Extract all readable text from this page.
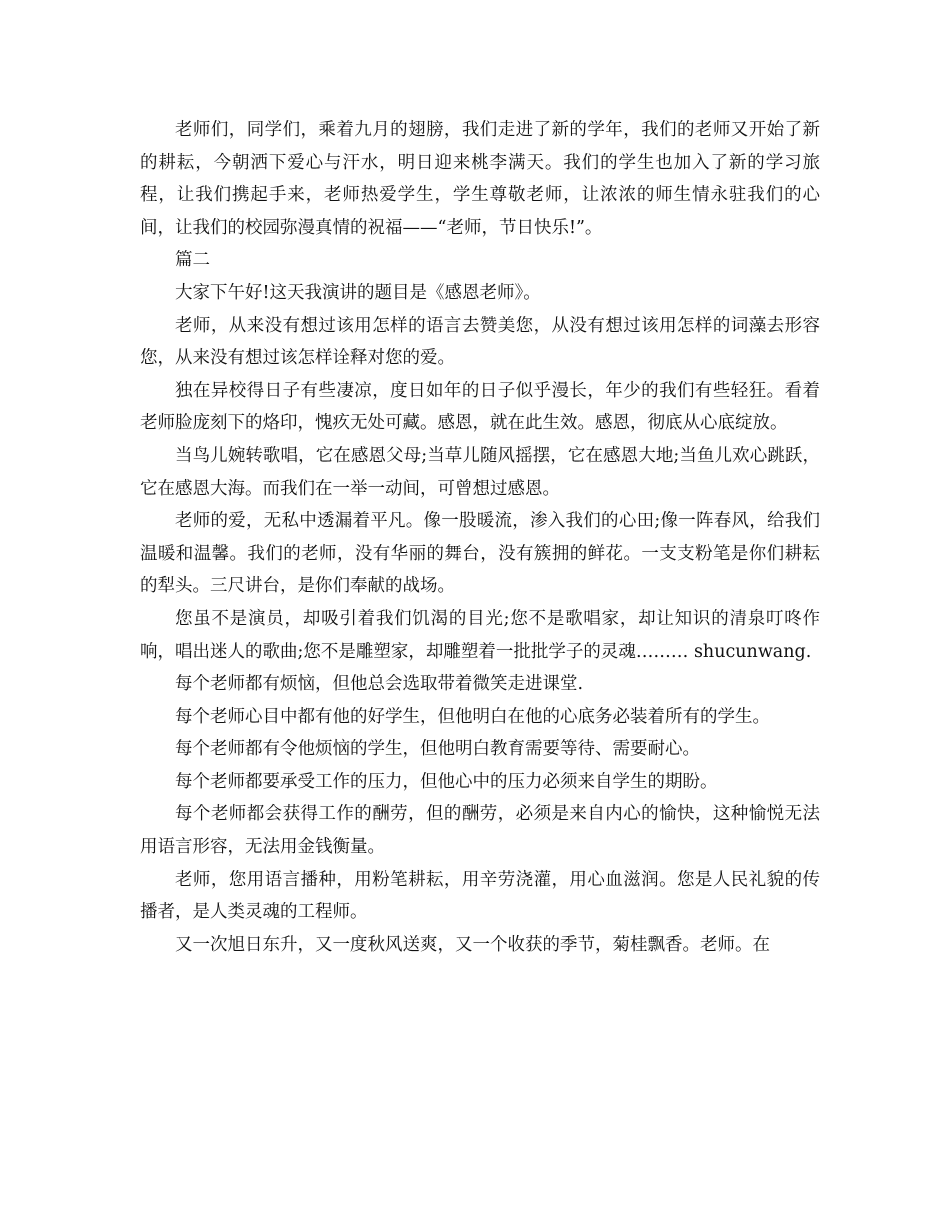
老师们，同学们，乘着九月的翅膀，我们走进了新的学年，我们的老师又开始了新的耕耘，今朝洒下爱心与汗水，明日迎来桃李满天。我们的学生也加入了新的学习旅程，让我们携起手来，老师热爱学生，学生尊敬老师，让浓浓的师生情永驻我们的心间，让我们的校园弥漫真情的祝福——“老师，节日快乐!”。

篇二

大家下午好!这天我演讲的题目是《感恩老师》。

老师，从来没有想过该用怎样的语言去赞美您，从没有想过该用怎样的词藻去形容您，从来没有想过该怎样诠释对您的爱。

独在异校得日子有些凄凉，度日如年的日子似乎漫长，年少的我们有些轻狂。看着老师脸庞刻下的烙印，愧疚无处可藏。感恩，就在此生效。感恩，彻底从心底绽放。

当鸟儿婉转歌唱，它在感恩父母;当草儿随风摇摆，它在感恩大地;当鱼儿欢心跳跃，它在感恩大海。而我们在一举一动间，可曾想过感恩。

老师的爱，无私中透漏着平凡。像一股暖流，渗入我们的心田;像一阵春风，给我们温暖和温馨。我们的老师，没有华丽的舞台，没有簇拥的鲜花。一支支粉笔是你们耕耘的犁头。三尺讲台，是你们奉献的战场。

您虽不是演员，却吸引着我们饥渴的目光;您不是歌唱家，却让知识的清泉叮咚作响，唱出迷人的歌曲;您不是雕塑家，却雕塑着一批批学子的灵魂……… shucunwang.

每个老师都有烦恼，但他总会选取带着微笑走进课堂.

每个老师心目中都有他的好学生，但他明白在他的心底务必装着所有的学生。

每个老师都有令他烦恼的学生，但他明白教育需要等待、需要耐心。

每个老师都要承受工作的压力，但他心中的压力必须来自学生的期盼。

每个老师都会获得工作的酬劳，但的酬劳，必须是来自内心的愉快，这种愉悦无法用语言形容，无法用金钱衡量。

老师，您用语言播种，用粉笔耕耘，用辛劳浇灌，用心血滋润。您是人民礼貌的传播者，是人类灵魂的工程师。

又一次旭日东升，又一度秋风送爽，又一个收获的季节，菊桂飘香。老师。在
